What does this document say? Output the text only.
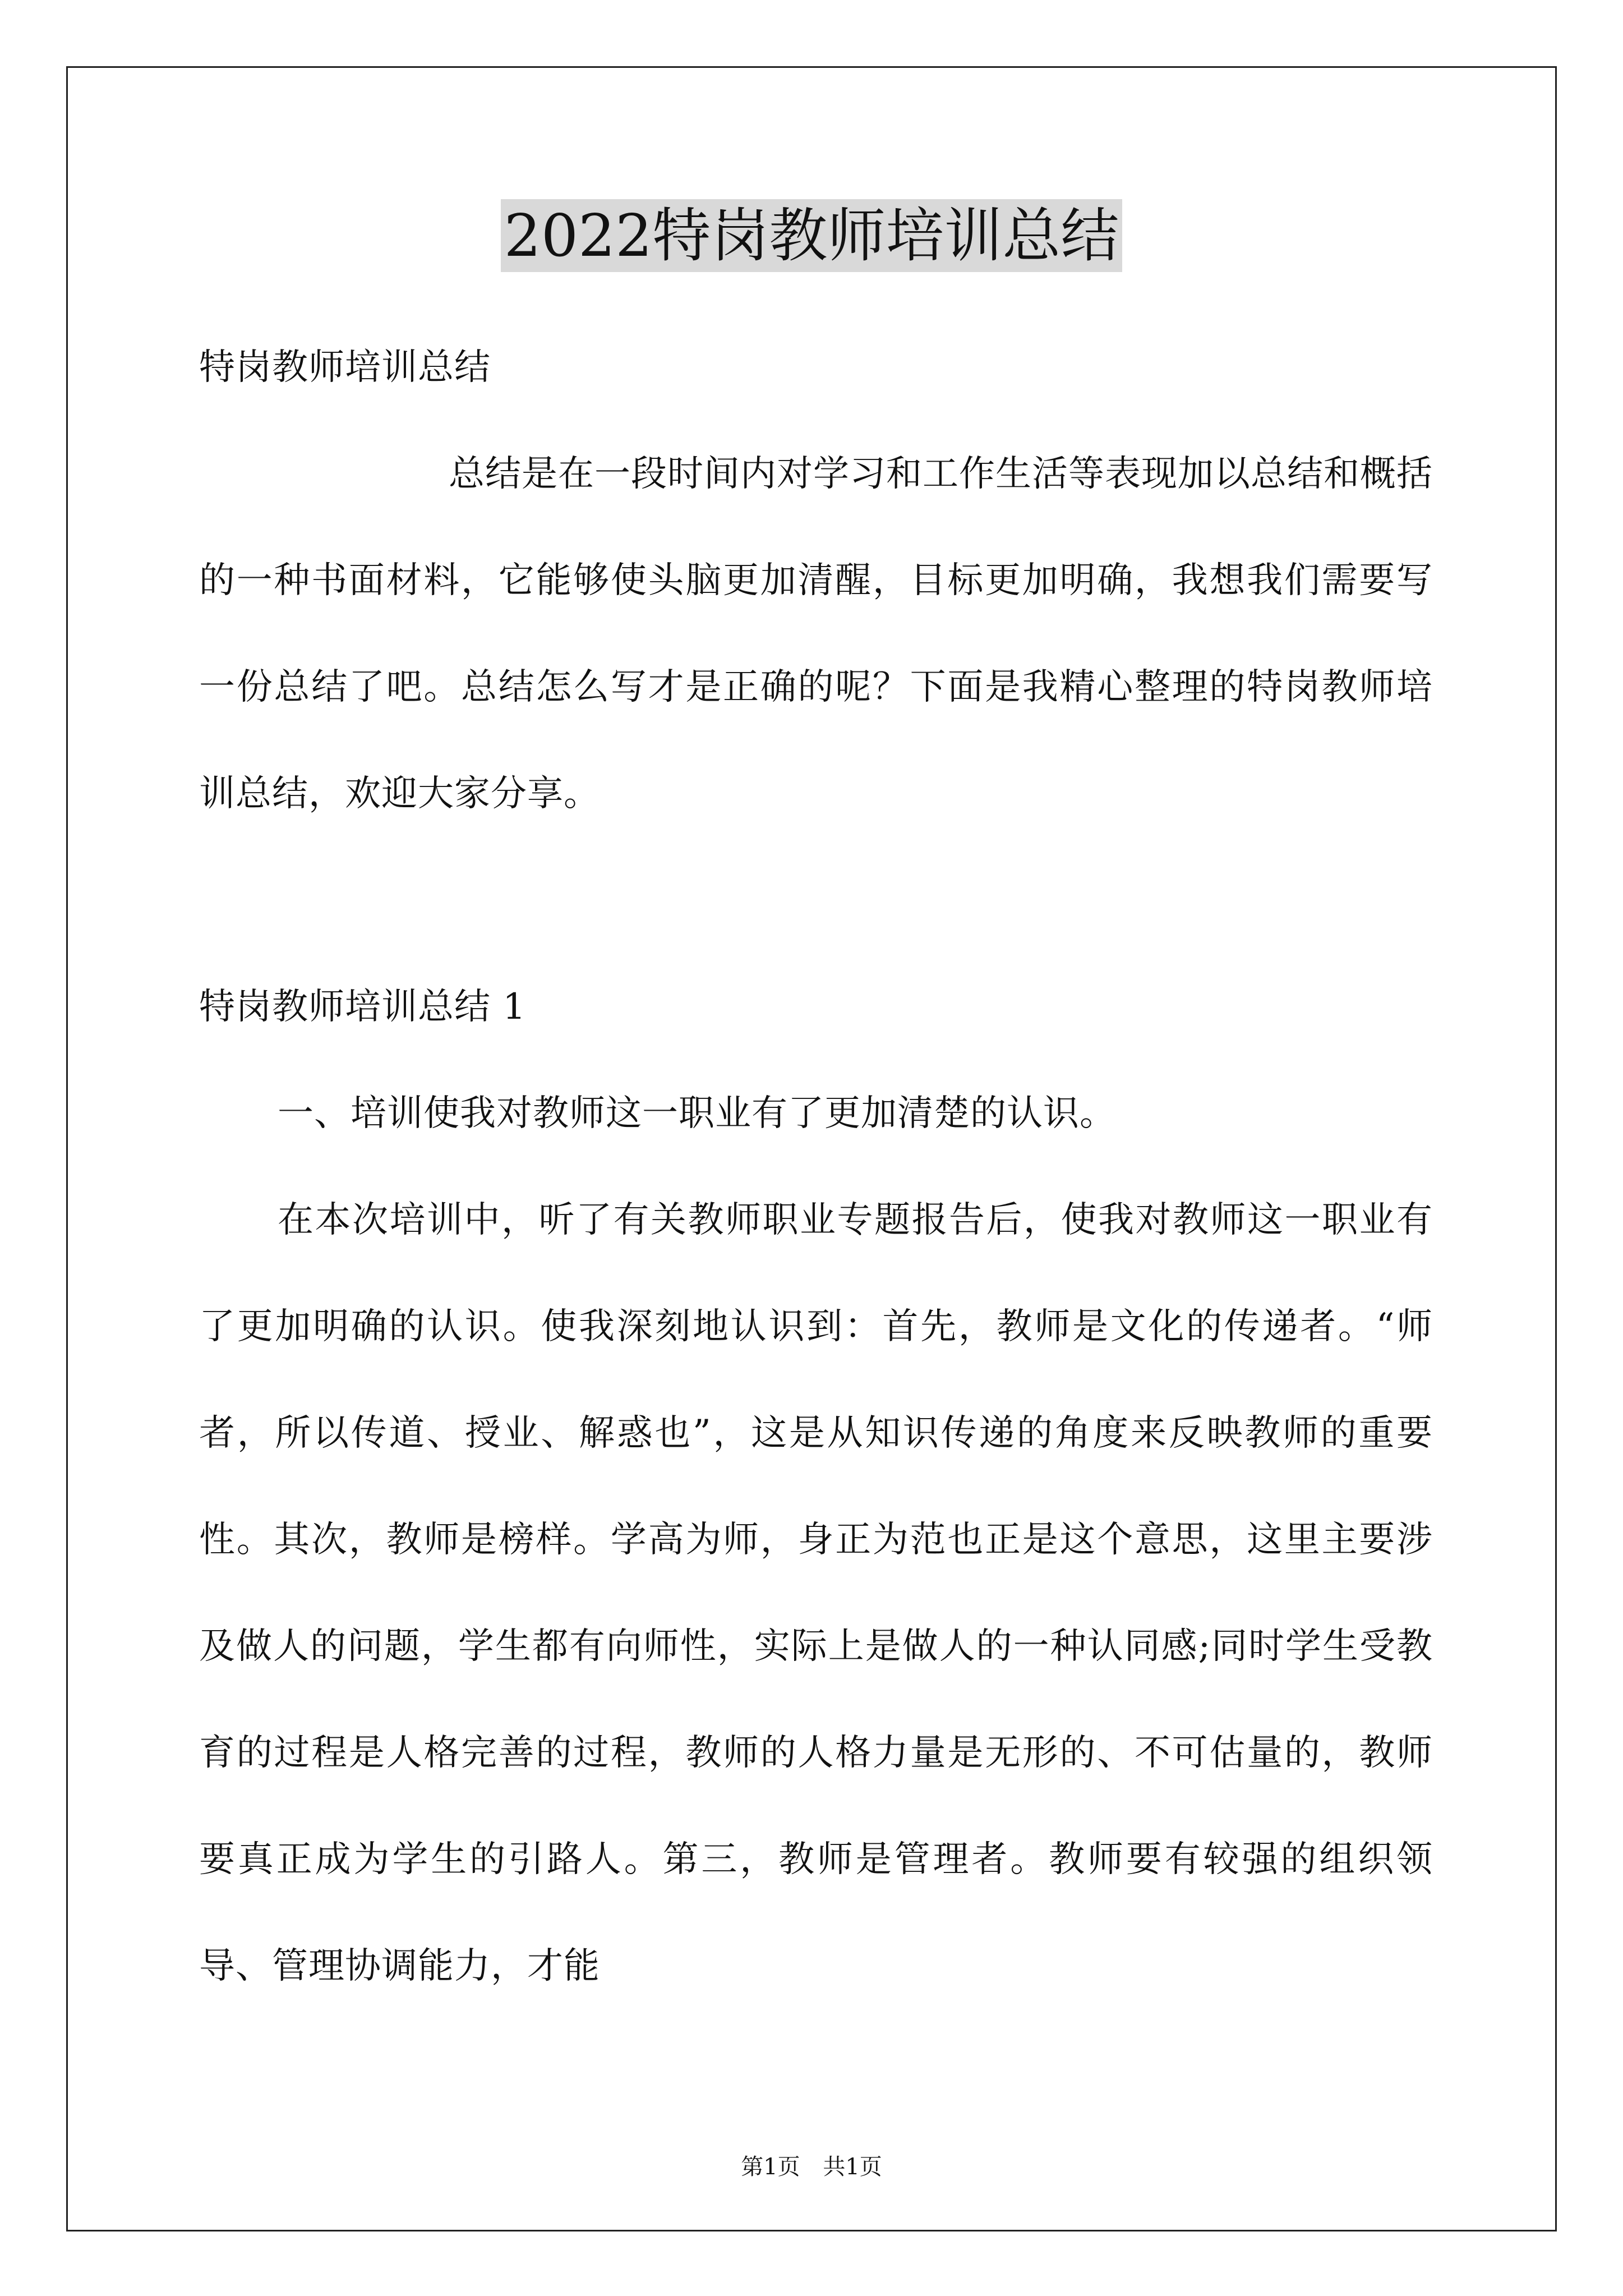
2022特岗教师培训总结

特岗教师培训总结

总结是在一段时间内对学习和工作生活等表现加以总结和概括的一种书面材料，它能够使头脑更加清醒，目标更加明确，我想我们需要写一份总结了吧。总结怎么写才是正确的呢？下面是我精心整理的特岗教师培训总结，欢迎大家分享。

特岗教师培训总结 1

一、培训使我对教师这一职业有了更加清楚的认识。

在本次培训中，听了有关教师职业专题报告后，使我对教师这一职业有了更加明确的认识。使我深刻地认识到：首先，教师是文化的传递者。“师者，所以传道、授业、解惑也”，这是从知识传递的角度来反映教师的重要性。其次，教师是榜样。学高为师，身正为范也正是这个意思，这里主要涉及做人的问题，学生都有向师性，实际上是做人的一种认同感;同时学生受教育的过程是人格完善的过程，教师的人格力量是无形的、不可估量的，教师要真正成为学生的引路人。第三，教师是管理者。教师要有较强的组织领导、管理协调能力，才能

第1页 共1页
